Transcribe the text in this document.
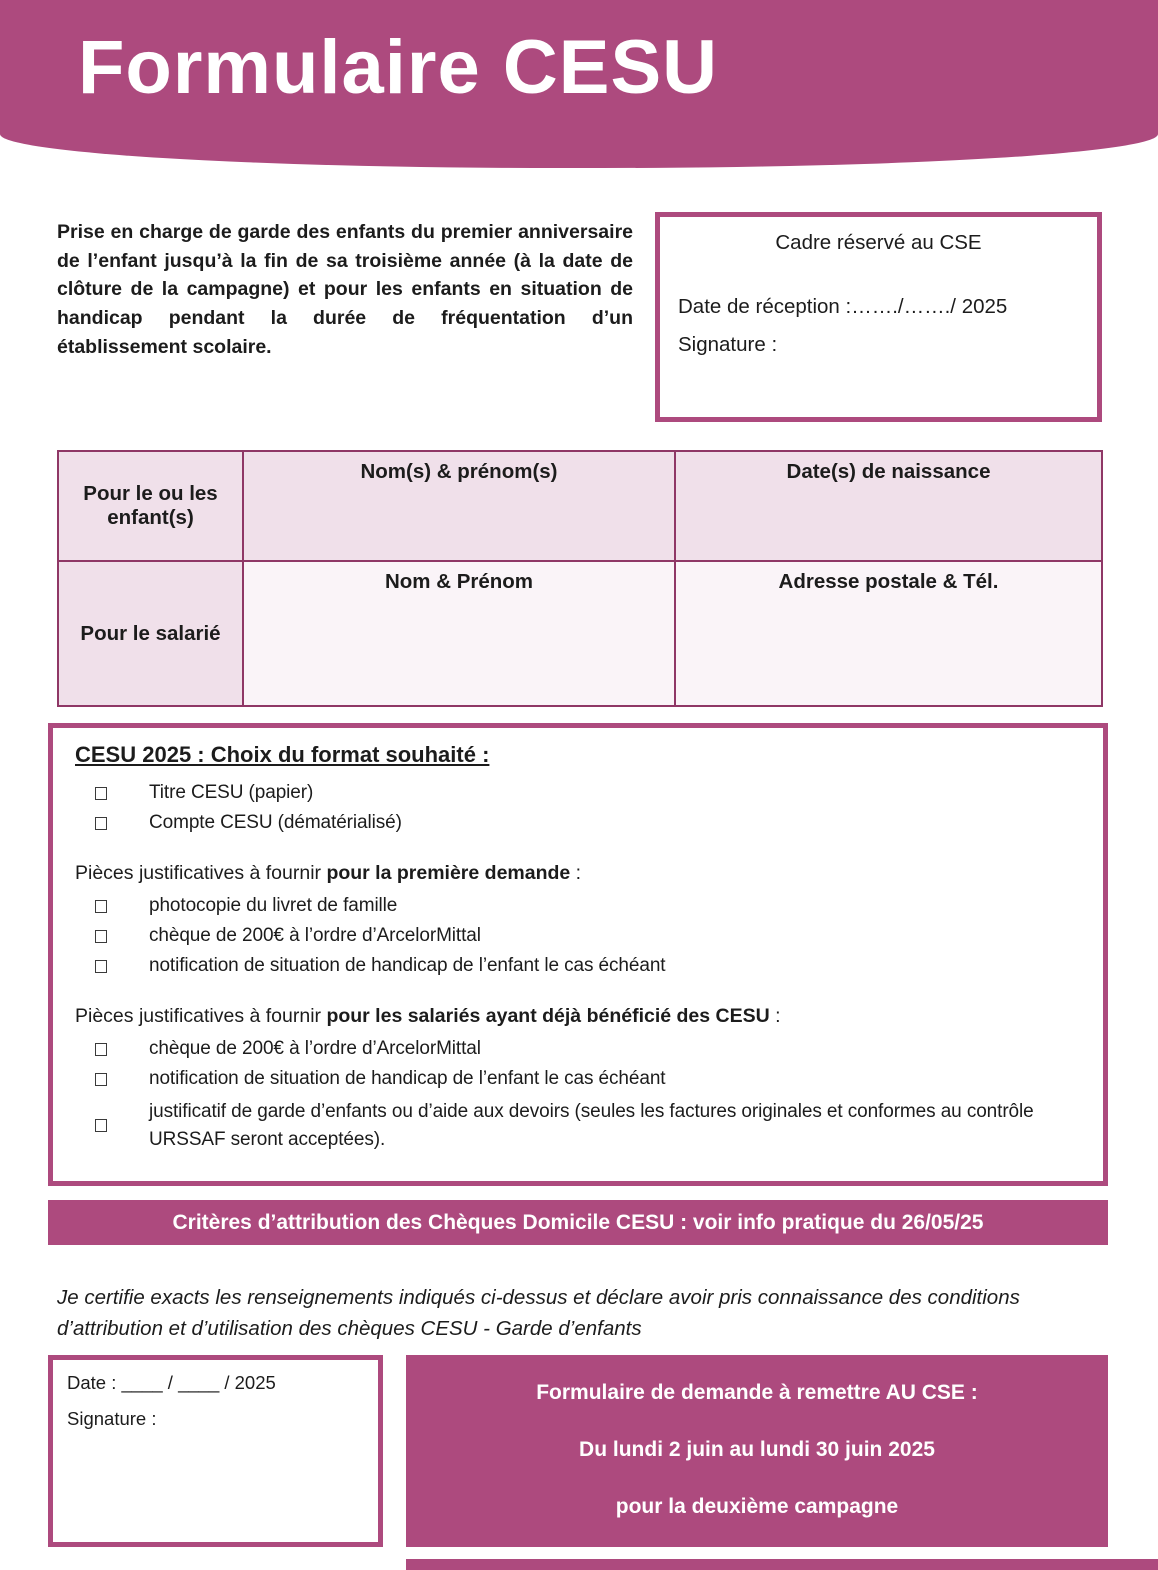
Formulaire CESU

Prise en charge de garde des enfants du premier anniversaire de l’enfant jusqu’à la fin de sa troisième année (à la date de clôture de la campagne) et pour les enfants en situation de handicap pendant la durée de fréquentation d’un établissement scolaire.

Cadre réservé au CSE

Date de réception :……./……./ 2025

Signature :

Pour le ou les enfant(s)	Nom(s) & prénom(s)	Date(s) de naissance
Pour le salarié	Nom & Prénom	Adresse postale & Tél.

CESU 2025 : Choix du format souhaité :

Titre CESU (papier)
Compte CESU (dématérialisé)

Pièces justificatives à fournir pour la première demande :

photocopie du livret de famille
chèque de 200€ à l’ordre d’ArcelorMittal
notification de situation de handicap de l’enfant le cas échéant

Pièces justificatives à fournir pour les salariés ayant déjà bénéficié des CESU :

chèque de 200€ à l’ordre d’ArcelorMittal
notification de situation de handicap de l’enfant le cas échéant
justificatif de garde d’enfants ou d’aide aux devoirs (seules les factures originales et conformes au contrôle URSSAF seront acceptées).
Critères d’attribution des Chèques Domicile CESU : voir info pratique du 26/05/25

Je certifie exacts les renseignements indiqués ci-dessus et déclare avoir pris connaissance des conditions d’attribution et d’utilisation des chèques CESU - Garde d’enfants

Date : ____ / ____ / 2025

Signature :

Formulaire de demande à remettre AU CSE :

Du lundi 2 juin au lundi 30 juin 2025

pour la deuxième campagne
